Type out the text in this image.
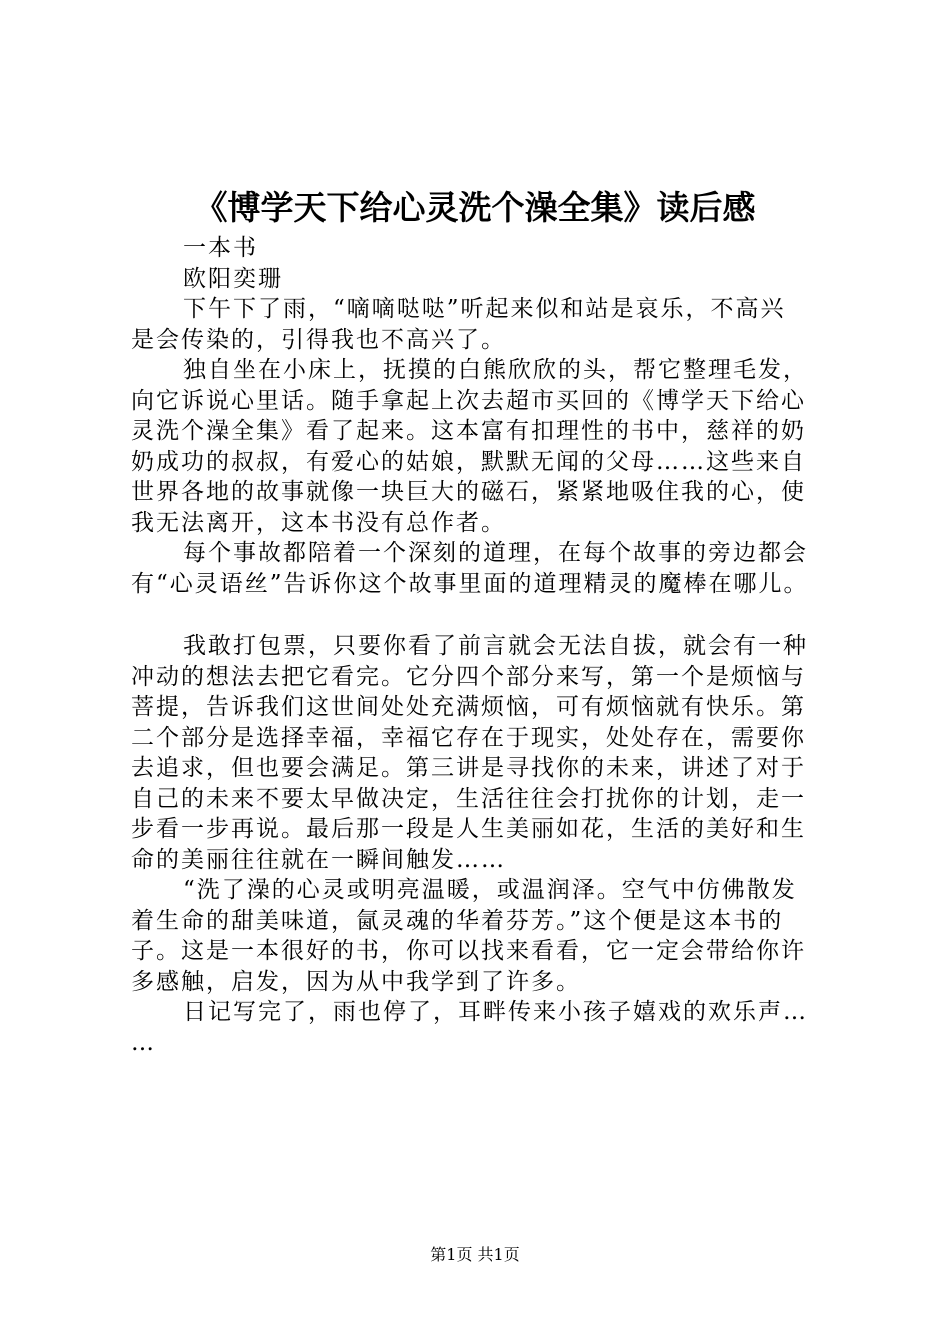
《博学天下给心灵洗个澡全集》读后感
一本书
欧阳奕珊
下午下了雨，“嘀嘀哒哒”听起来似和站是哀乐，不高兴
是会传染的，引得我也不高兴了。
独自坐在小床上，抚摸的白熊欣欣的头，帮它整理毛发，
向它诉说心里话。随手拿起上次去超市买回的《博学天下给心
灵洗个澡全集》看了起来。这本富有扣理性的书中，慈祥的奶
奶成功的叔叔，有爱心的姑娘，默默无闻的父母……这些来自
世界各地的故事就像一块巨大的磁石，紧紧地吸住我的心，使
我无法离开，这本书没有总作者。
每个事故都陪着一个深刻的道理，在每个故事的旁边都会
有“心灵语丝”告诉你这个故事里面的道理精灵的魔棒在哪儿。
我敢打包票，只要你看了前言就会无法自拔，就会有一种
冲动的想法去把它看完。它分四个部分来写，第一个是烦恼与
菩提，告诉我们这世间处处充满烦恼，可有烦恼就有快乐。第
二个部分是选择幸福，幸福它存在于现实，处处存在，需要你
去追求，但也要会满足。第三讲是寻找你的未来，讲述了对于
自己的未来不要太早做决定，生活往往会打扰你的计划，走一
步看一步再说。最后那一段是人生美丽如花，生活的美好和生
命的美丽往往就在一瞬间触发……
“洗了澡的心灵或明亮温暖，或温润泽。空气中仿佛散发
着生命的甜美味道，氤灵魂的华着芬芳。”这个便是这本书的
子。这是一本很好的书，你可以找来看看，它一定会带给你许
多感触，启发，因为从中我学到了许多。
日记写完了，雨也停了，耳畔传来小孩子嬉戏的欢乐声…
…
第1页 共1页
